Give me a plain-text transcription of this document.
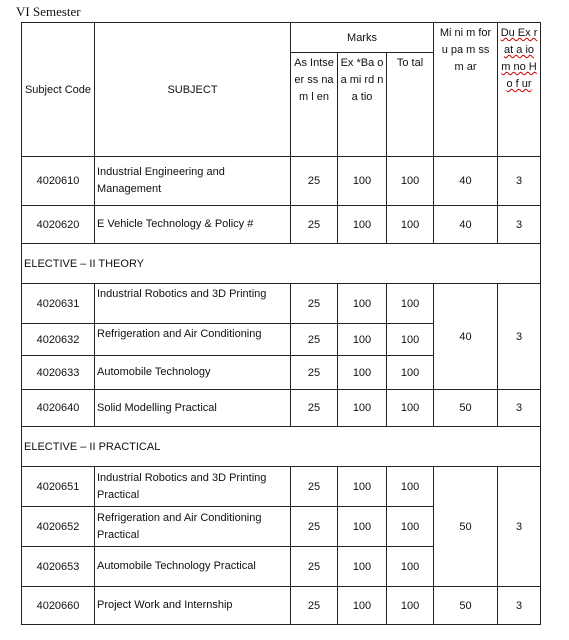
VI Semester
Subject Code	SUBJECT	Marks			Mi ni m for u pa m ss m ar	Du Ex rat a io m no Ho f ur
		As Intse er ss na m l en	Ex *Ba oa mi rd na tio	To tal		
4020610	Industrial Engineering and Management	25	100	100	40	3
4020620	E Vehicle Technology & Policy #	25	100	100	40	3
ELECTIVE – II THEORY						
4020631	Industrial Robotics and 3D Printing	25	100	100	40	3
4020632	Refrigeration and Air Conditioning	25	100	100		
4020633	Automobile Technology	25	100	100		
4020640	Solid Modelling Practical	25	100	100	50	3
ELECTIVE – II PRACTICAL						
4020651	Industrial Robotics and 3D Printing Practical	25	100	100	50	3
4020652	Refrigeration and Air Conditioning Practical	25	100	100		
4020653	Automobile Technology Practical	25	100	100		
4020660	Project Work and Internship	25	100	100	50	3
